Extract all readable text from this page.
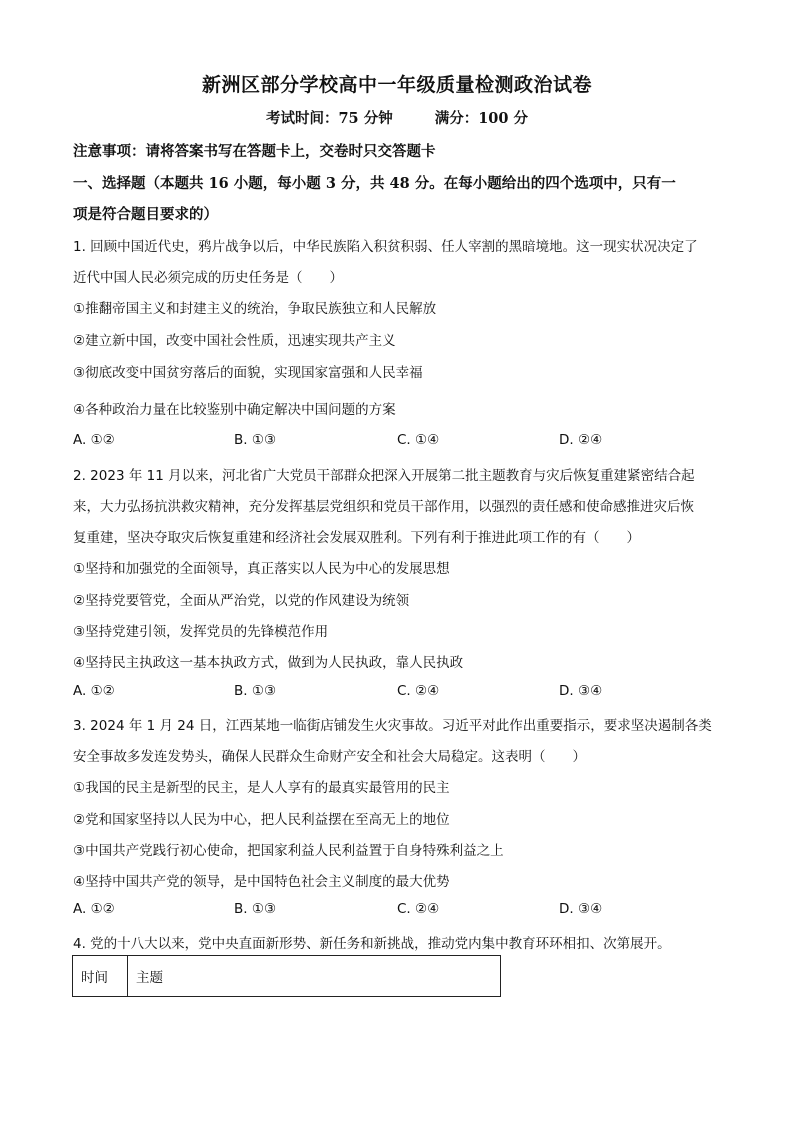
新洲区部分学校高中一年级质量检测政治试卷
考试时间：75 分钟	满分：100 分
注意事项：请将答案书写在答题卡上，交卷时只交答题卡
一、选择题（本题共 16 小题，每小题 3 分，共 48 分。在每小题给出的四个选项中，只有一
项是符合题目要求的）
1. 回顾中国近代史，鸦片战争以后，中华民族陷入积贫积弱、任人宰割的黑暗境地。这一现实状况决定了
近代中国人民必须完成的历史任务是（　　）
①推翻帝国主义和封建主义的统治，争取民族独立和人民解放
②建立新中国，改变中国社会性质，迅速实现共产主义
③彻底改变中国贫穷落后的面貌，实现国家富强和人民幸福
④各种政治力量在比较鉴别中确定解决中国问题的方案
A. ①②	B. ①③	C. ①④	D. ②④
2. 2023 年 11 月以来，河北省广大党员干部群众把深入开展第二批主题教育与灾后恢复重建紧密结合起
来，大力弘扬抗洪救灾精神，充分发挥基层党组织和党员干部作用，以强烈的责任感和使命感推进灾后恢
复重建，坚决夺取灾后恢复重建和经济社会发展双胜利。下列有利于推进此项工作的有（　　）
①坚持和加强党的全面领导，真正落实以人民为中心的发展思想
②坚持党要管党，全面从严治党，以党的作风建设为统领
③坚持党建引领，发挥党员的先锋模范作用
④坚持民主执政这一基本执政方式，做到为人民执政，靠人民执政
A. ①②	B. ①③	C. ②④	D. ③④
3. 2024 年 1 月 24 日，江西某地一临街店铺发生火灾事故。习近平对此作出重要指示，要求坚决遏制各类
安全事故多发连发势头，确保人民群众生命财产安全和社会大局稳定。这表明（　　）
①我国的民主是新型的民主，是人人享有的最真实最管用的民主
②党和国家坚持以人民为中心，把人民利益摆在至高无上的地位
③中国共产党践行初心使命，把国家利益人民利益置于自身特殊利益之上
④坚持中国共产党的领导，是中国特色社会主义制度的最大优势
A. ①②	B. ①③	C. ②④	D. ③④
4. 党的十八大以来，党中央直面新形势、新任务和新挑战，推动党内集中教育环环相扣、次第展开。
时间	主题
